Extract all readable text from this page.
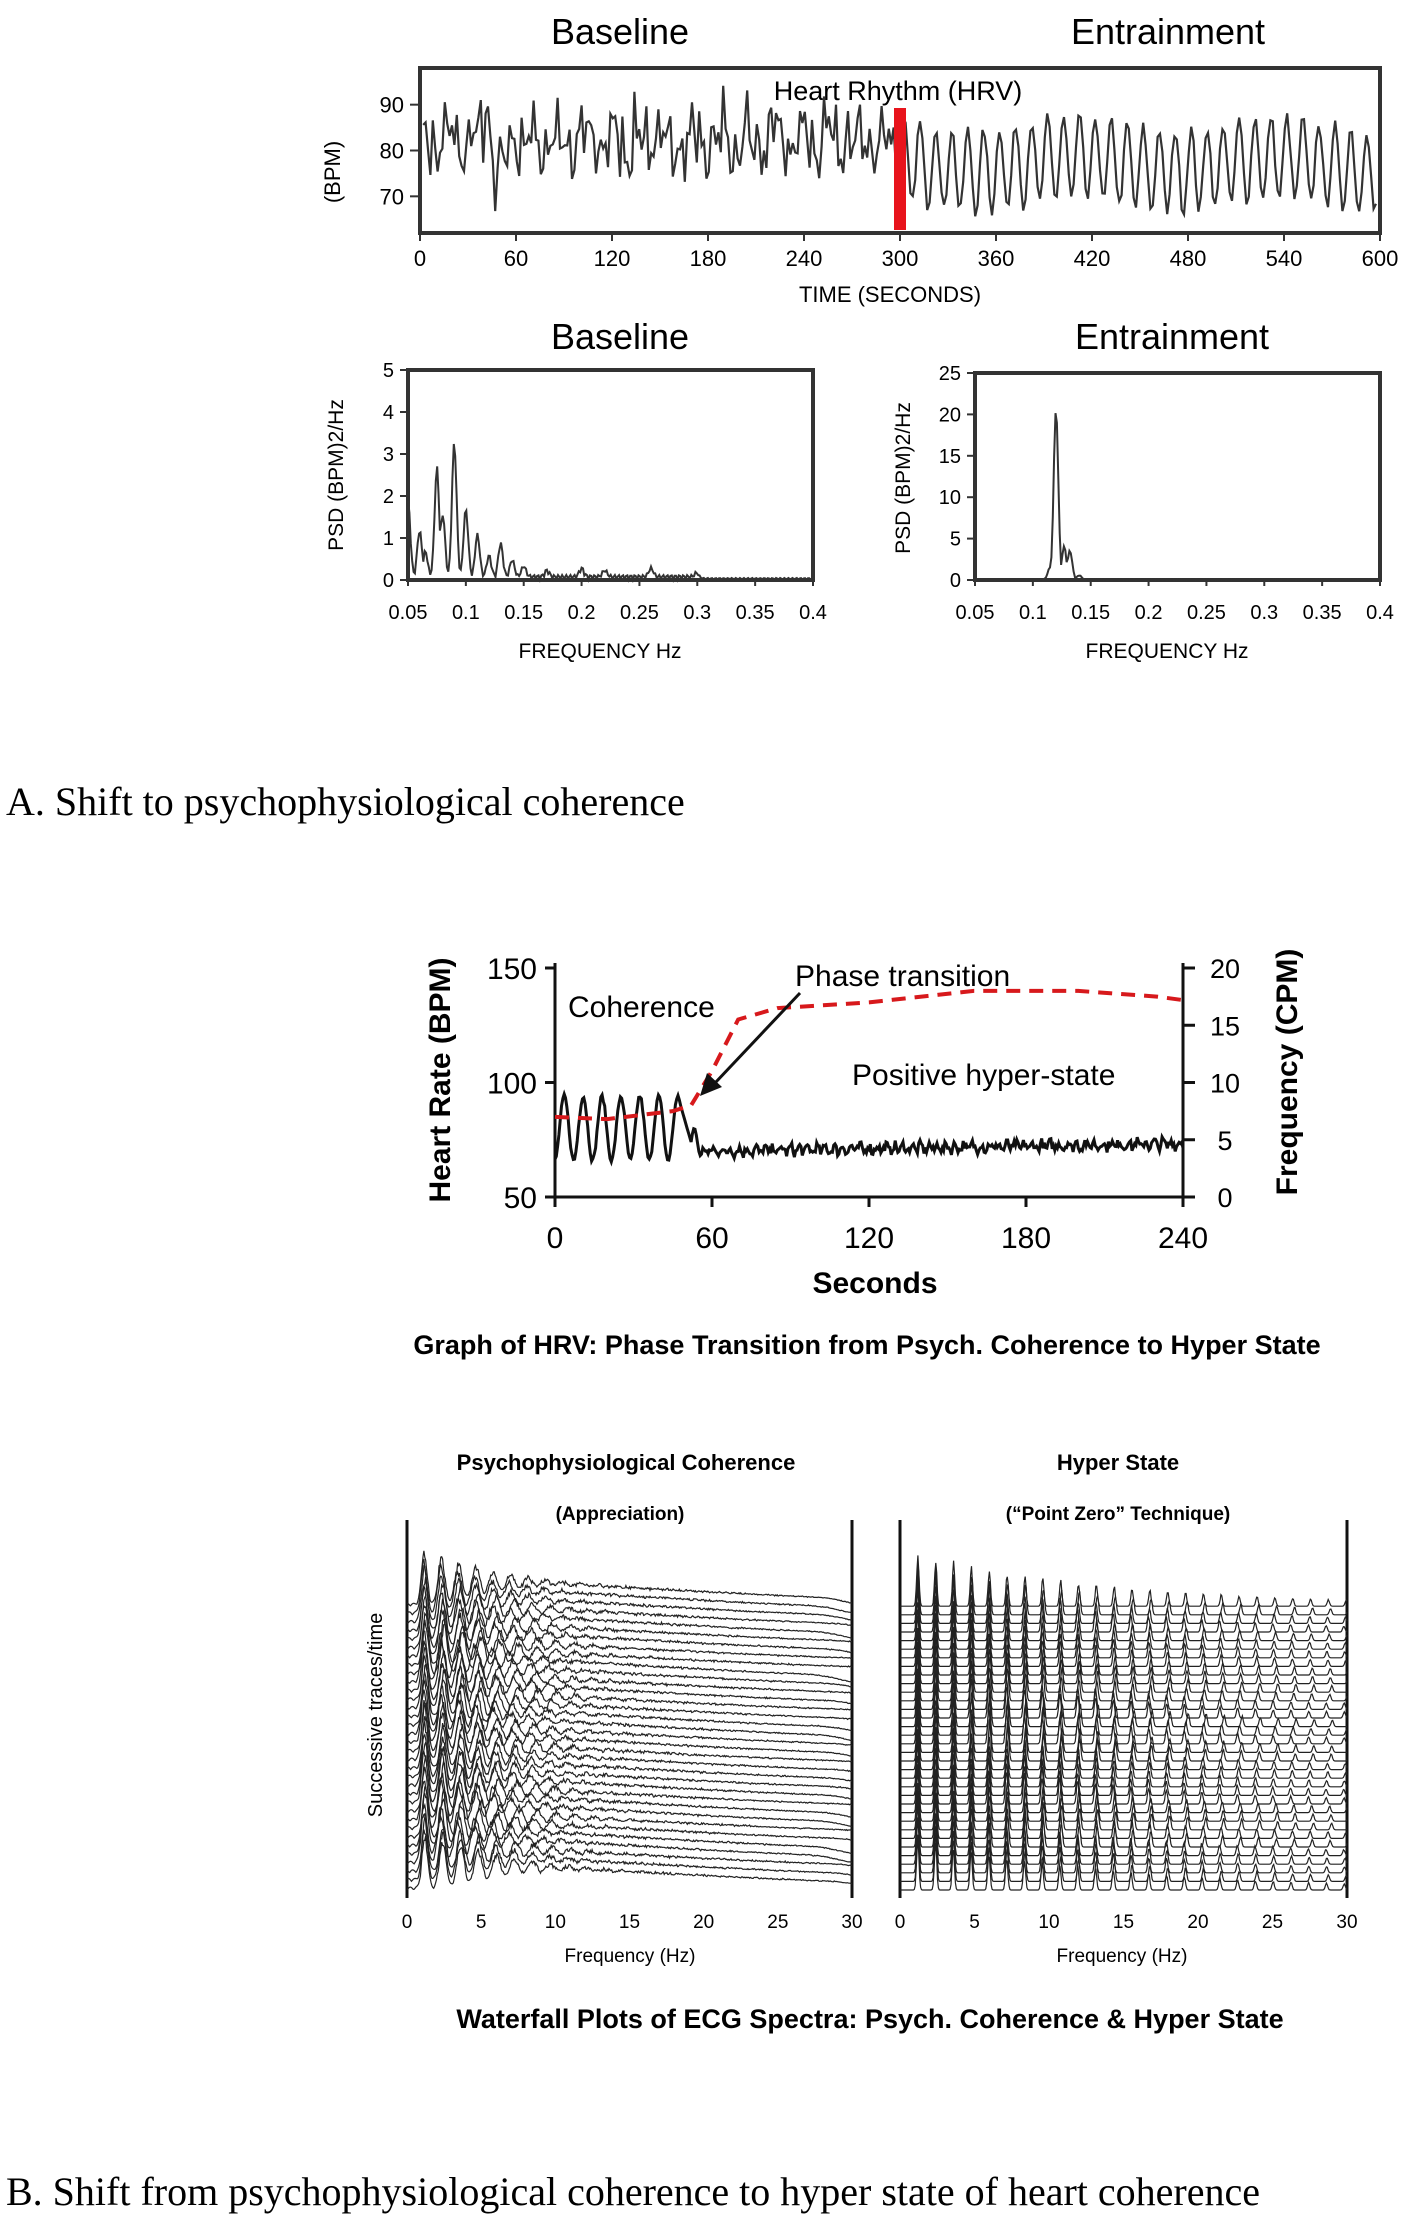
Baseline	Entrainment
Heart Rhythm (HRV)
(BPM) 70
80
90
0	60	120	180	240	300	360	420	480	540	600
TIME (SECONDS)
Baseline
PSD (BPM)2/Hz
0
1
2
3
4
5
0.05 0.1 0.15 0.2 0.25 0.3 0.35 0.4
FREQUENCY Hz
Entrainment
PSD (BPM)2/Hz
0
5
10
15
20
25
0.05 0.1 0.15 0.2 0.25 0.3 0.35 0.4
FREQUENCY Hz
50
100
150
0
5
10
15
20
0	60	120	180	240
Heart Rate (BPM)	Frequency (CPM)
Seconds
Coherence
Phase transition
Positive hyper-state
Graph of HRV: Phase Transition from Psych. Coherence to Hyper State
Psychophysiological Coherence
(Appreciation)
Hyper State
(“Point Zero” Technique)
Successive traces/time
0	5	10	15	20	25	30 0	5	10	15	20	25	30
Frequency (Hz)	Frequency (Hz)
Waterfall Plots of ECG Spectra: Psych. Coherence & Hyper State
A. Shift to psychophysiological coherence
B. Shift from psychophysiological coherence to hyper state of heart coherence
